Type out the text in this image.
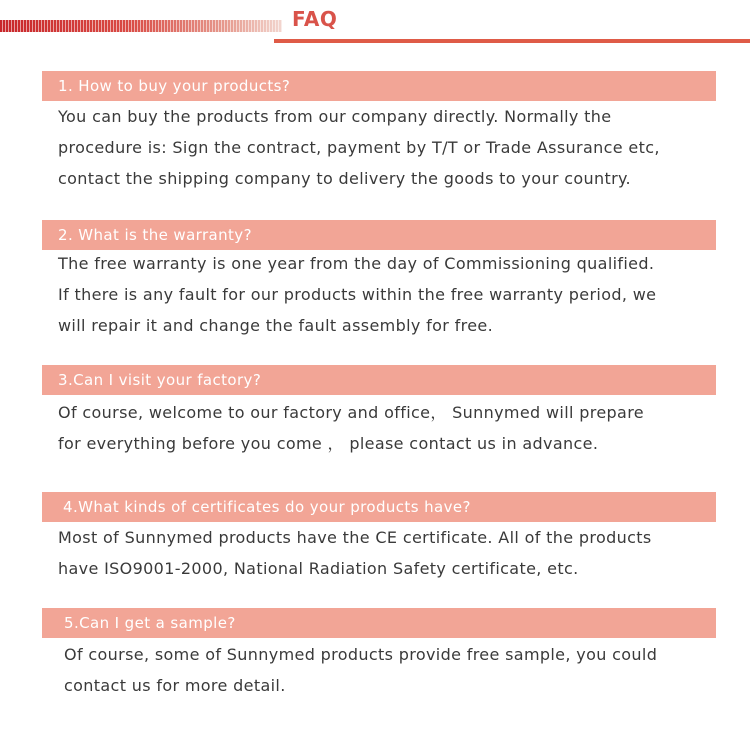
FAQ
1. How to buy your products?
You can buy the products from our company directly. Normally the
procedure is: Sign the contract, payment by T/T or Trade Assurance etc,
contact the shipping company to delivery the goods to your country.
2. What is the warranty?
The free warranty is one year from the day of Commissioning qualified.
If there is any fault for our products within the free warranty period, we
will repair it and change the fault assembly for free.
3.Can I visit your factory?
Of course, welcome to our factory and office， Sunnymed will prepare
for everything before you come ， please contact us in advance.
4.What kinds of certificates do your products have?
Most of Sunnymed products have the CE certificate. All of the products
have ISO9001-2000, National Radiation Safety certificate, etc.
5.Can I get a sample?
Of course, some of Sunnymed products provide free sample, you could
contact us for more detail.
